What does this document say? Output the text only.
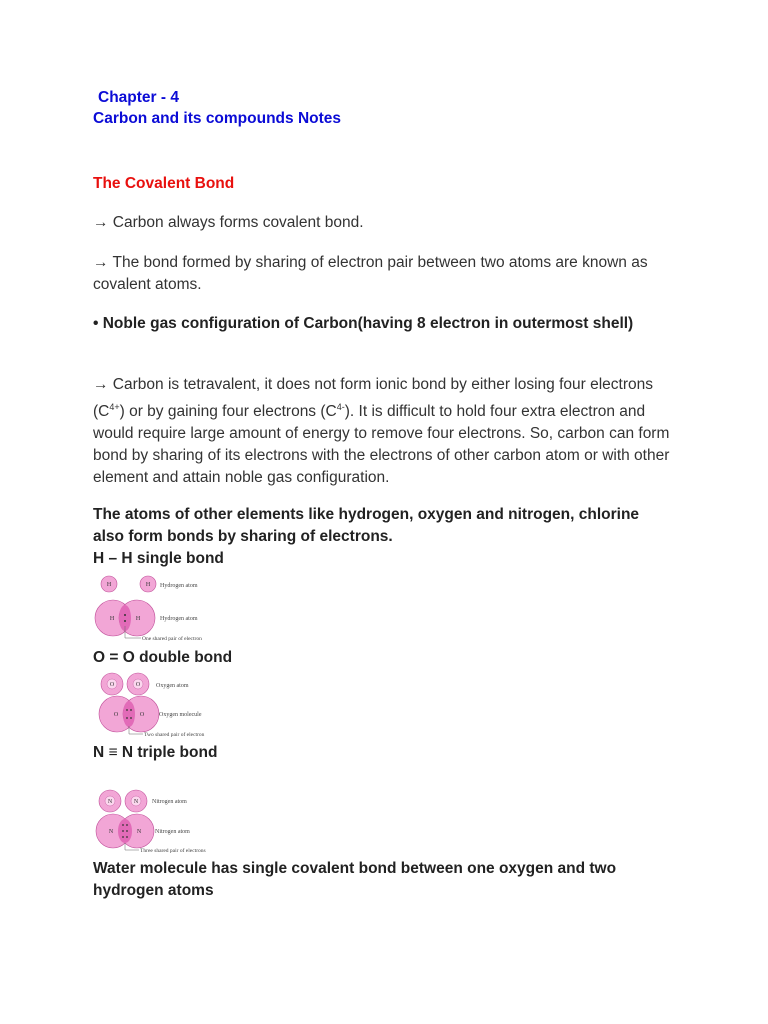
Chapter - 4
Carbon and its compounds Notes
The Covalent Bond
→ Carbon always forms covalent bond.
→ The bond formed by sharing of electron pair between two atoms are known as covalent atoms.
• Noble gas configuration of Carbon(having 8 electron in outermost shell)
→ Carbon is tetravalent, it does not form ionic bond by either losing four electrons $(C^{4+})$ or by gaining four electrons $(C^{4-})$. It is difficult to hold four extra electron and would require large amount of energy to remove four electrons. So, carbon can form bond by sharing of its electrons with the electrons of other carbon atom or with other element and attain noble gas configuration.
The atoms of other elements like hydrogen, oxygen and nitrogen, chlorine also form bonds by sharing of electrons.
H – H single bond
H	H Hydrogen atom
H	H	Hydrogen atom
One shared pair of electron
O = O double bond
O	O	Oxygen atom
O	O Oxygen molecule
Two shared pair of electron
N ≡ N triple bond
N	N Nitrogen atom
N	N Nitrogen atom
Three shared pair of electrons
Water molecule has single covalent bond between one oxygen and two hydrogen atoms
